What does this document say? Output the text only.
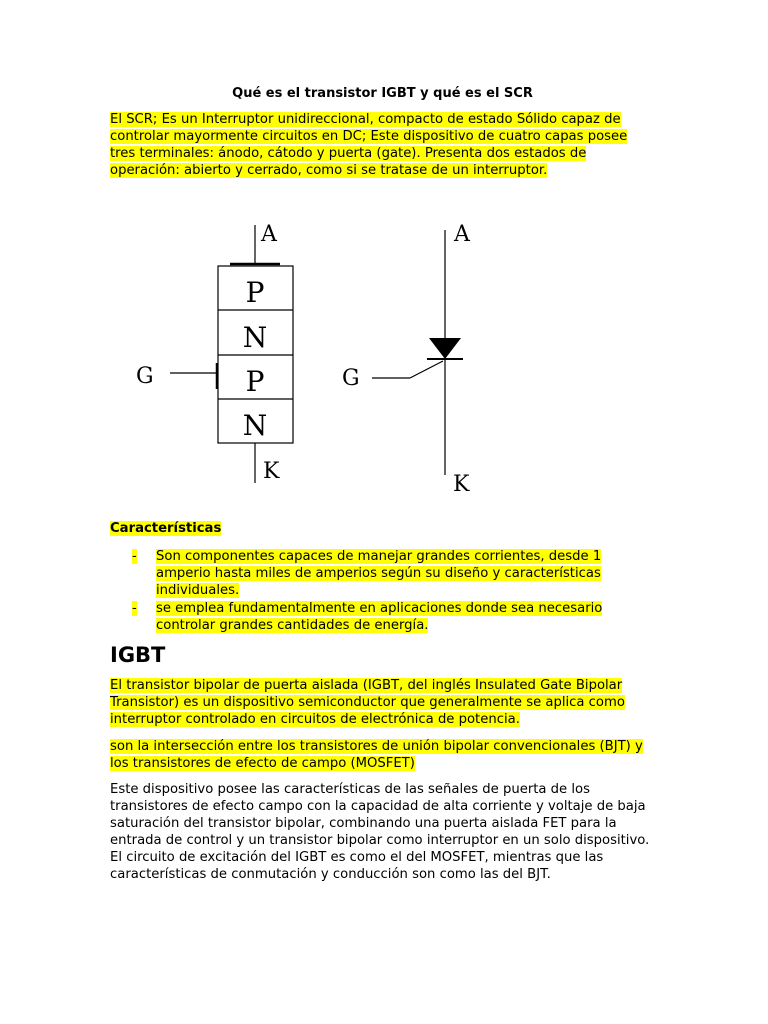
Qué es el transistor IGBT y qué es el SCR

El SCR; Es un Interruptor unidireccional, compacto de estado Sólido capaz de controlar mayormente circuitos en DC; Este dispositivo de cuatro capas posee tres terminales: ánodo, cátodo y puerta (gate). Presenta dos estados de operación: abierto y cerrado, como si se tratase de un interruptor.

P
N
P
N
A
K
G
A
K
G
Características
- Son componentes capaces de manejar grandes corrientes, desde 1 amperio hasta miles de amperios según su diseño y características individuales.
- se emplea fundamentalmente en aplicaciones donde sea necesario controlar grandes cantidades de energía.
IGBT

El transistor bipolar de puerta aislada (IGBT, del inglés Insulated Gate Bipolar Transistor) es un dispositivo semiconductor que generalmente se aplica como interruptor controlado en circuitos de electrónica de potencia.

son la intersección entre los transistores de unión bipolar convencionales (BJT) y los transistores de efecto de campo (MOSFET)

Este dispositivo posee las características de las señales de puerta de los transistores de efecto campo con la capacidad de alta corriente y voltaje de baja saturación del transistor bipolar, combinando una puerta aislada FET para la entrada de control y un transistor bipolar como interruptor en un solo dispositivo. El circuito de excitación del IGBT es como el del MOSFET, mientras que las características de conmutación y conducción son como las del BJT.
